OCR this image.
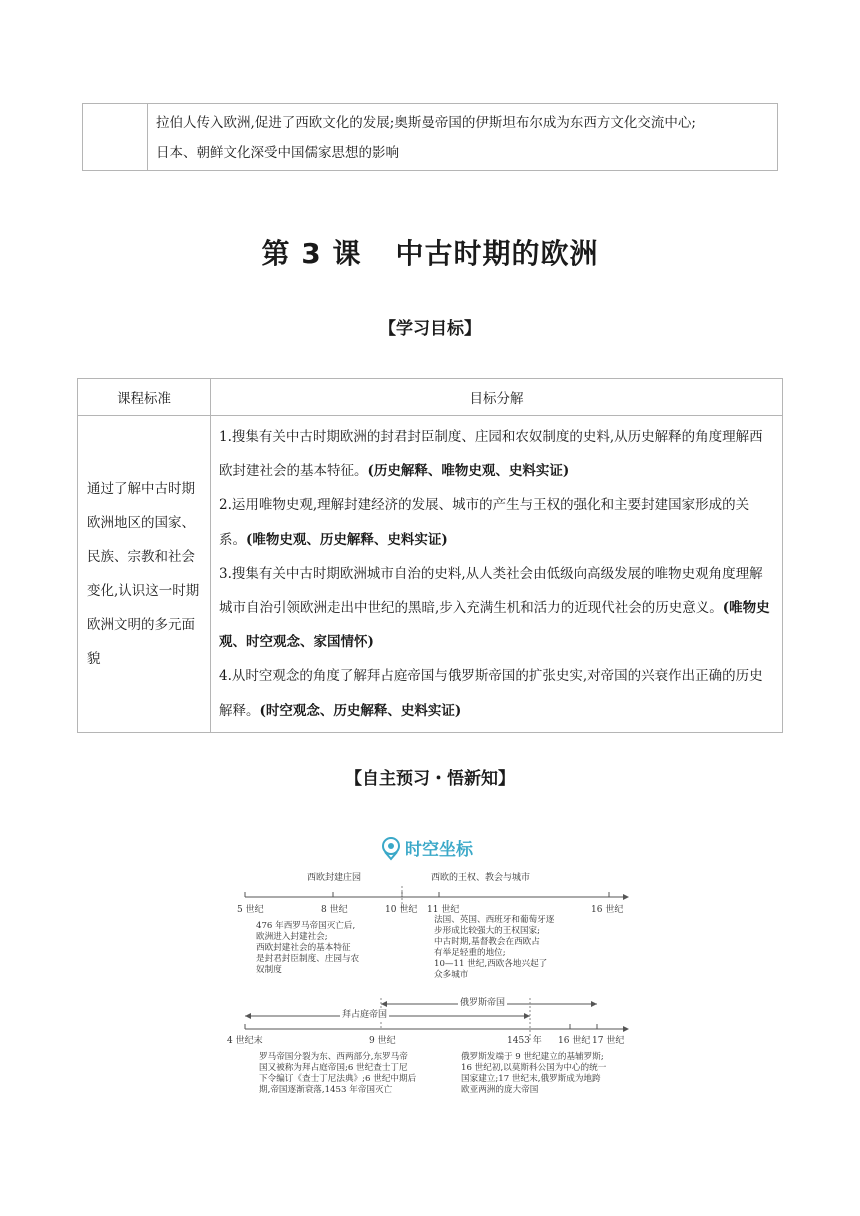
拉伯人传入欧洲,促进了西欧文化的发展;奥斯曼帝国的伊斯坦布尔成为东西方文化交流中心;
日本、朝鲜文化深受中国儒家思想的影响
第 3 课 中古时期的欧洲
【学习目标】
课程标准	目标分解
通过了解中古时期欧洲地区的国家、民族、宗教和社会变化,认识这一时期欧洲文明的多元面貌	1.搜集有关中古时期欧洲的封君封臣制度、庄园和农奴制度的史料,从历史解释的角度理解西欧封建社会的基本特征。(历史解释、唯物史观、史料实证)

2.运用唯物史观,理解封建经济的发展、城市的产生与王权的强化和主要封建国家形成的关系。(唯物史观、历史解释、史料实证)

3.搜集有关中古时期欧洲城市自治的史料,从人类社会由低级向高级发展的唯物史观角度理解城市自治引领欧洲走出中世纪的黑暗,步入充满生机和活力的近现代社会的历史意义。(唯物史观、时空观念、家国情怀)

4.从时空观念的角度了解拜占庭帝国与俄罗斯帝国的扩张史实,对帝国的兴衰作出正确的历史解释。(时空观念、历史解释、史料实证)

【自主预习・悟新知】
时空坐标
西欧封建庄园	西欧的王权、教会与城市
5 世纪	8 世纪	10 世纪 11 世纪	16 世纪
476 年西罗马帝国灭亡后,
欧洲进入封建社会;
西欧封建社会的基本特征
是封君封臣制度、庄园与农
奴制度
法国、英国、西班牙和葡萄牙逐
步形成比较强大的王权国家;
中古时期,基督教会在西欧占
有举足轻重的地位;
10—11 世纪,西欧各地兴起了
众多城市
俄罗斯帝国
拜占庭帝国
4 世纪末	9 世纪	1453 年 16 世纪 17 世纪
罗马帝国分裂为东、西两部分,东罗马帝
国又被称为拜占庭帝国;6 世纪查士丁尼
下令编订《查士丁尼法典》;6 世纪中期后
期,帝国逐渐衰落,1453 年帝国灭亡
俄罗斯发端于 9 世纪建立的基辅罗斯;
16 世纪初,以莫斯科公国为中心的统一
国家建立;17 世纪末,俄罗斯成为地跨
欧亚两洲的庞大帝国
